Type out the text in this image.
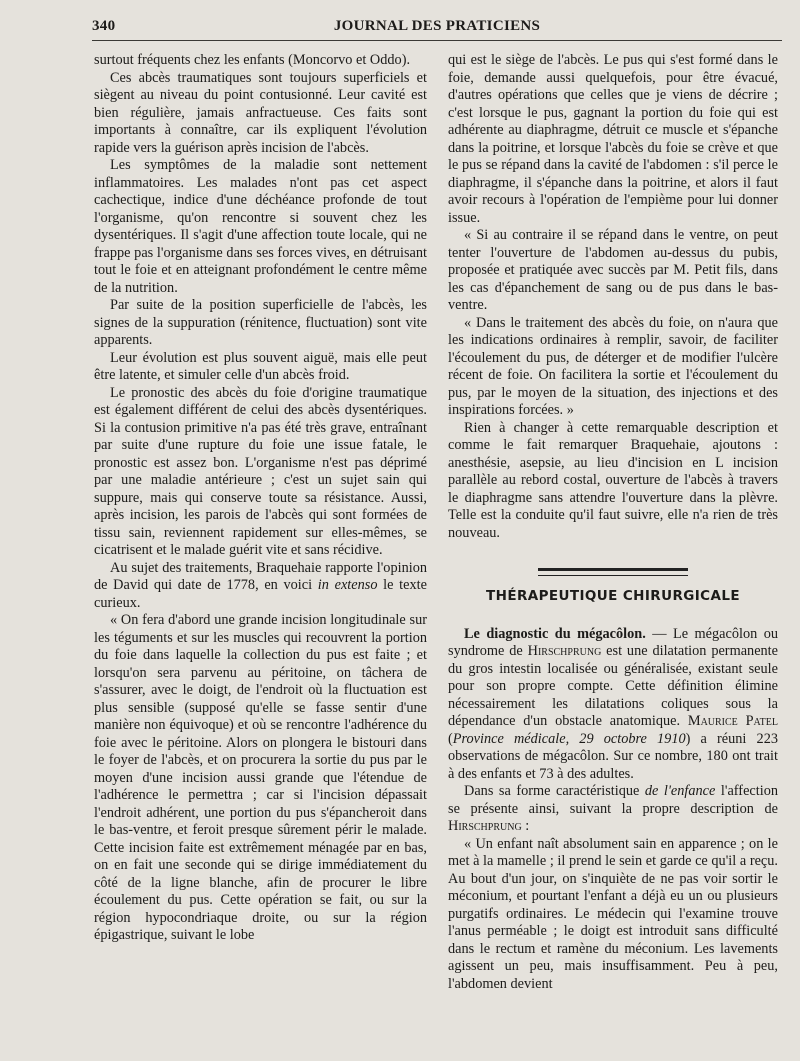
340	JOURNAL DES PRATICIENS

surtout fréquents chez les enfants (Moncorvo et Oddo).

Ces abcès traumatiques sont toujours superficiels et siègent au niveau du point contusionné. Leur cavité est bien régulière, jamais anfractueuse. Ces faits sont importants à connaître, car ils expliquent l'évolution rapide vers la guérison après incision de l'abcès.

Les symptômes de la maladie sont nettement inflammatoires. Les malades n'ont pas cet aspect cachectique, indice d'une déchéance profonde de tout l'organisme, qu'on rencontre si souvent chez les dysentériques. Il s'agit d'une affection toute locale, qui ne frappe pas l'organisme dans ses forces vives, en détruisant tout le foie et en atteignant profondément le centre même de la nutrition.

Par suite de la position superficielle de l'abcès, les signes de la suppuration (rénitence, fluctuation) sont vite apparents.

Leur évolution est plus souvent aiguë, mais elle peut être latente, et simuler celle d'un abcès froid.

Le pronostic des abcès du foie d'origine traumatique est également différent de celui des abcès dysentériques. Si la contusion primitive n'a pas été très grave, entraînant par suite d'une rupture du foie une issue fatale, le pronostic est assez bon. L'organisme n'est pas déprimé par une maladie antérieure ; c'est un sujet sain qui suppure, mais qui conserve toute sa résistance. Aussi, après incision, les parois de l'abcès qui sont formées de tissu sain, reviennent rapidement sur elles-mêmes, se cicatrisent et le malade guérit vite et sans récidive.

Au sujet des traitements, Braquehaie rapporte l'opinion de David qui date de 1778, en voici in extenso le texte curieux.

« On fera d'abord une grande incision longitudinale sur les téguments et sur les muscles qui recouvrent la portion du foie dans laquelle la collection du pus est faite ; et lorsqu'on sera parvenu au péritoine, on tâchera de s'assurer, avec le doigt, de l'endroit où la fluctuation est plus sensible (supposé qu'elle se fasse sentir d'une manière non équivoque) et où se rencontre l'adhérence du foie avec le péritoine. Alors on plongera le bistouri dans le foyer de l'abcès, et on procurera la sortie du pus par le moyen d'une incision aussi grande que l'étendue de l'adhérence le permettra ; car si l'incision dépassait l'endroit adhérent, une portion du pus s'épancheroit dans le bas-ventre, et feroit presque sûrement périr le malade. Cette incision faite est extrêmement ménagée par en bas, on en fait une seconde qui se dirige immédiatement du côté de la ligne blanche, afin de procurer le libre écoulement du pus. Cette opération se fait, ou sur la région hypocondriaque droite, ou sur la région épigastrique, suivant le lobe

qui est le siège de l'abcès. Le pus qui s'est formé dans le foie, demande aussi quelquefois, pour être évacué, d'autres opérations que celles que je viens de décrire ; c'est lorsque le pus, gagnant la portion du foie qui est adhérente au diaphragme, détruit ce muscle et s'épanche dans la poitrine, et lorsque l'abcès du foie se crève et que le pus se répand dans la cavité de l'abdomen : s'il perce le diaphragme, il s'épanche dans la poitrine, et alors il faut avoir recours à l'opération de l'empième pour lui donner issue.

« Si au contraire il se répand dans le ventre, on peut tenter l'ouverture de l'abdomen au-dessus du pubis, proposée et pratiquée avec succès par M. Petit fils, dans les cas d'épanchement de sang ou de pus dans le bas-ventre.

« Dans le traitement des abcès du foie, on n'aura que les indications ordinaires à remplir, savoir, de faciliter l'écoulement du pus, de déterger et de modifier l'ulcère récent de foie. On facilitera la sortie et l'écoulement du pus, par le moyen de la situation, des injections et des inspirations forcées. »

Rien à changer à cette remarquable description et comme le fait remarquer Braquehaie, ajoutons : anesthésie, asepsie, au lieu d'incision en L incision parallèle au rebord costal, ouverture de l'abcès à travers le diaphragme sans attendre l'ouverture dans la plèvre. Telle est la conduite qu'il faut suivre, elle n'a rien de très nouveau.

THÉRAPEUTIQUE CHIRURGICALE

Le diagnostic du mégacôlon. — Le mégacôlon ou syndrome de Hirschprung est une dilatation permanente du gros intestin localisée ou généralisée, existant seule pour son propre compte. Cette définition élimine nécessairement les dilatations coliques sous la dépendance d'un obstacle anatomique. Maurice Patel (Province médicale, 29 octobre 1910) a réuni 223 observations de mégacôlon. Sur ce nombre, 180 ont trait à des enfants et 73 à des adultes.

Dans sa forme caractéristique de l'enfance l'affection se présente ainsi, suivant la propre description de Hirschprung :

« Un enfant naît absolument sain en apparence ; on le met à la mamelle ; il prend le sein et garde ce qu'il a reçu. Au bout d'un jour, on s'inquiète de ne pas voir sortir le méconium, et pourtant l'enfant a déjà eu un ou plusieurs purgatifs ordinaires. Le médecin qui l'examine trouve l'anus perméable ; le doigt est introduit sans difficulté dans le rectum et ramène du méconium. Les lavements agissent un peu, mais insuffisamment. Peu à peu, l'abdomen devient
